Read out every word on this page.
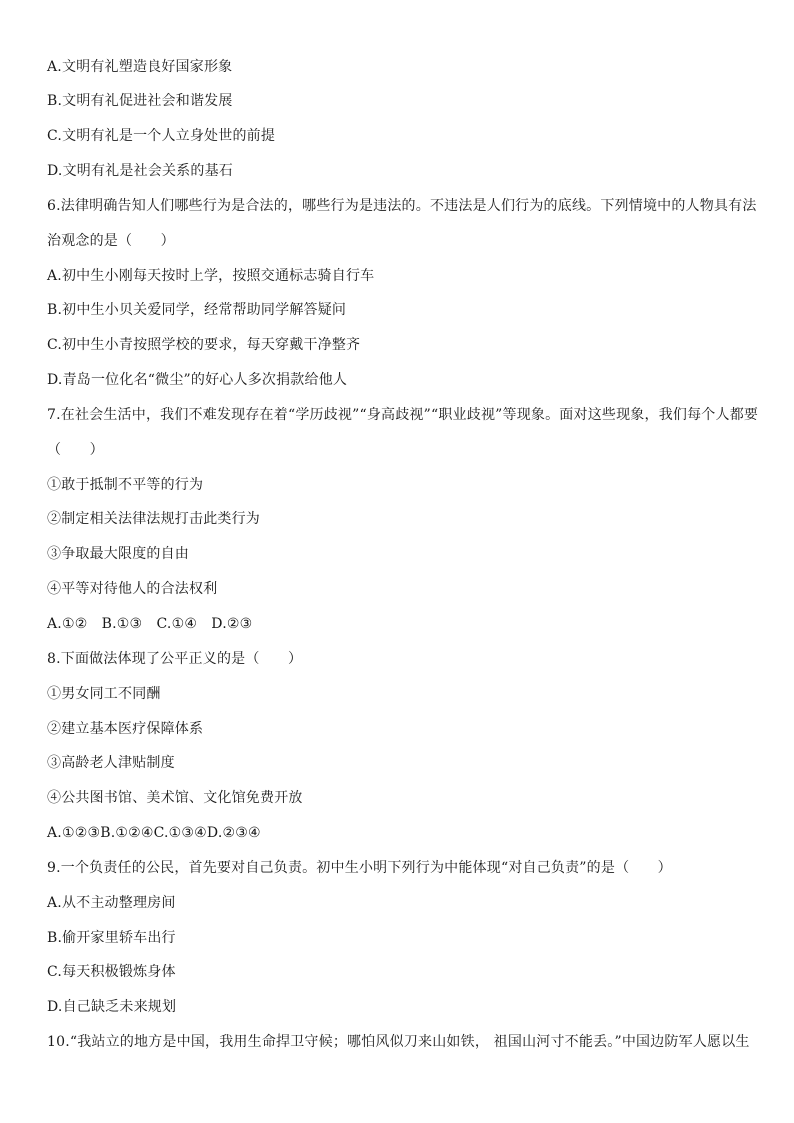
A.文明有礼塑造良好国家形象
B.文明有礼促进社会和谐发展
C.文明有礼是一个人立身处世的前提
D.文明有礼是社会关系的基石
6.法律明确告知人们哪些行为是合法的，哪些行为是违法的。不违法是人们行为的底线。下列情境中的人物具有法
治观念的是（　　）
A.初中生小刚每天按时上学，按照交通标志骑自行车
B.初中生小贝关爱同学，经常帮助同学解答疑问
C.初中生小青按照学校的要求，每天穿戴干净整齐
D.青岛一位化名“微尘”的好心人多次捐款给他人
7.在社会生活中，我们不难发现存在着“学历歧视”“身高歧视”“职业歧视”等现象。面对这些现象，我们每个人都要
（　　）
①敢于抵制不平等的行为
②制定相关法律法规打击此类行为
③争取最大限度的自由
④平等对待他人的合法权利
A.①②　B.①③　C.①④　D.②③
8.下面做法体现了公平正义的是（　　）
①男女同工不同酬
②建立基本医疗保障体系
③高龄老人津贴制度
④公共图书馆、美术馆、文化馆免费开放
A.①②③B.①②④C.①③④D.②③④
9.一个负责任的公民，首先要对自己负责。初中生小明下列行为中能体现“对自己负责”的是（　　）
A.从不主动整理房间
B.偷开家里轿车出行
C.每天积极锻炼身体
D.自己缺乏未来规划
10.“我站立的地方是中国，我用生命捍卫守候；哪怕风似刀来山如铁， 祖国山河寸不能丢。”中国边防军人愿以生
